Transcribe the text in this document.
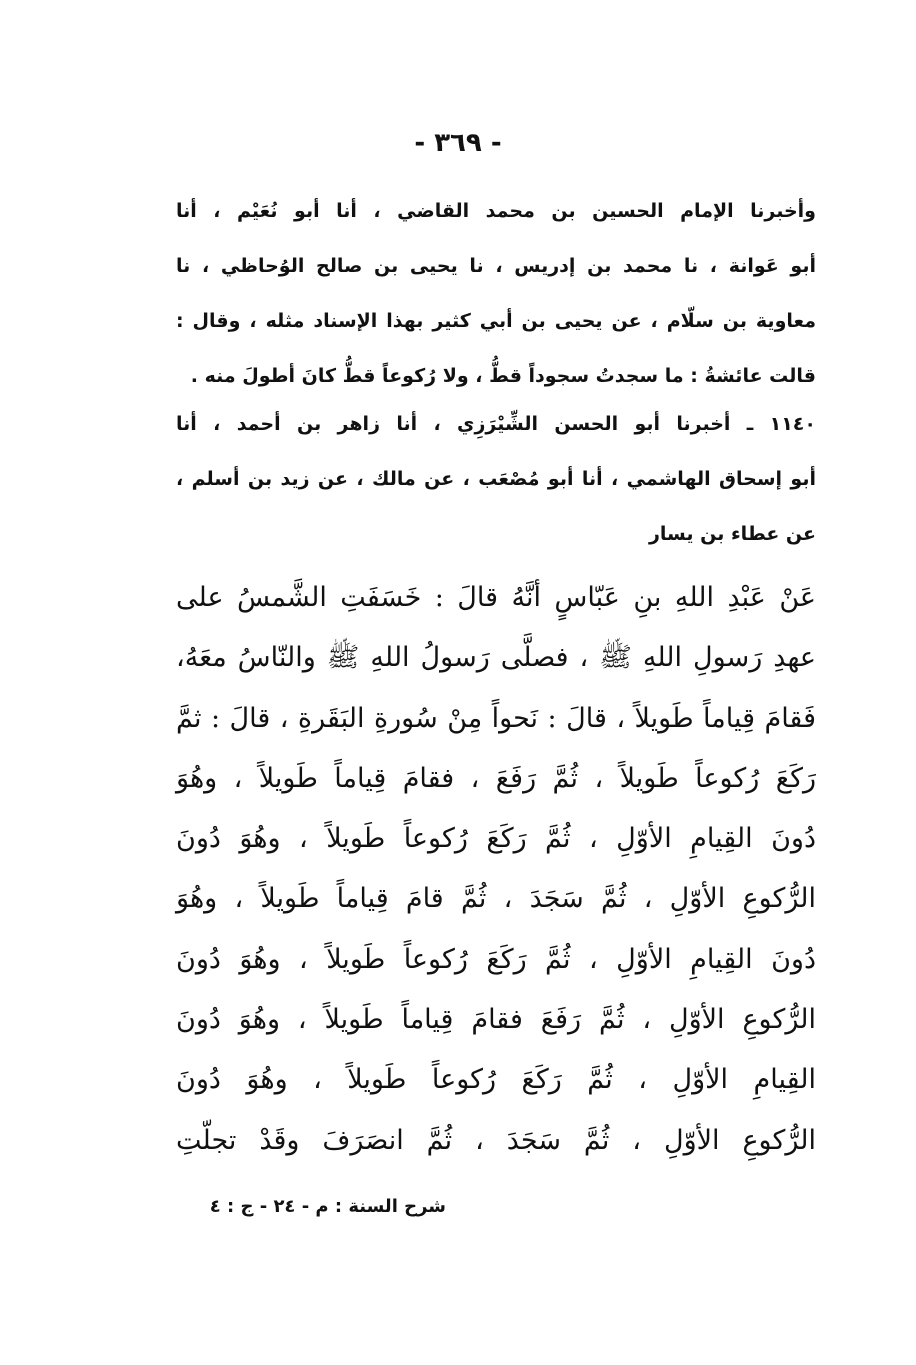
- ٣٦٩ -
وأخبرنا الإمام الحسين بن محمد القاضي ، أنا أبو نُعَيْم ، أنا
أبو عَوانة ، نا محمد بن إدريس ، نا يحيى بن صالح الوُحاظي ، نا
معاوية بن سلّام ، عن يحيى بن أبي كثير بهذا الإسناد مثله ، وقال :
قالت عائشةُ : ما سجدتُ سجوداً قطُّ ، ولا رُكوعاً قطُّ كانَ أطولَ منه .
١١٤٠ ـ أخبرنا أبو الحسن الشِّيْرَزِي ، أنا زاهر بن أحمد ، أنا
أبو إسحاق الهاشمي ، أنا أبو مُصْعَب ، عن مالك ، عن زيد بن أسلم ،
عن عطاء بن يسار
عَنْ عَبْدِ اللهِ بنِ عَبّاسٍ أنَّهُ قالَ : خَسَفَتِ الشَّمسُ على
عهدِ رَسولِ اللهِ ﷺ ، فصلَّى رَسولُ اللهِ ﷺ والنّاسُ معَهُ،
فَقامَ قِياماً طَويلاً ، قالَ : نَحواً مِنْ سُورةِ البَقَرةِ ، قالَ : ثمَّ
رَكَعَ رُكوعاً طَويلاً ، ثُمَّ رَفَعَ ، فقامَ قِياماً طَويلاً ، وهُوَ
دُونَ القِيامِ الأوّلِ ، ثُمَّ رَكَعَ رُكوعاً طَويلاً ، وهُوَ دُونَ
الرُّكوعِ الأوّلِ ، ثُمَّ سَجَدَ ، ثُمَّ قامَ قِياماً طَويلاً ، وهُوَ
دُونَ القِيامِ الأوّلِ ، ثُمَّ رَكَعَ رُكوعاً طَويلاً ، وهُوَ دُونَ
الرُّكوعِ الأوّلِ ، ثُمَّ رَفَعَ فقامَ قِياماً طَويلاً ، وهُوَ دُونَ
القِيامِ الأوّلِ ، ثُمَّ رَكَعَ رُكوعاً طَويلاً ، وهُوَ دُونَ
الرُّكوعِ الأوّلِ ، ثُمَّ سَجَدَ ، ثُمَّ انصَرَفَ وقَدْ تجلّتِ
شرح السنة : م - ٢٤ - ج : ٤
